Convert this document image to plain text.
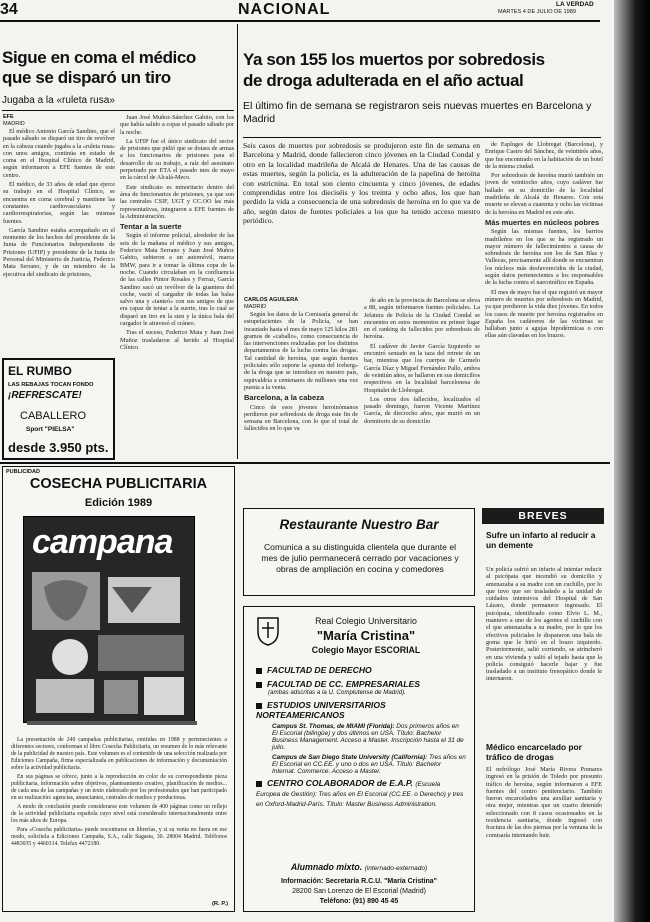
34	NACIONAL	LA VERDAD
MARTES 4 DE JULIO DE 1989
Sigue en coma el médico
que se disparó un tiro
Jugaba a la «ruleta rusa»
EFE
MADRID

El médico Antonio García Sandino, que el pasado sábado se disparó un tiro de revólver en la cabeza cuando jugaba a la «ruleta rusa» con unos amigos, continúa en estado de coma en el Hospital Clínico de Madrid, según informaron a EFE fuentes de este centro.

El médico, de 33 años de edad que ejerce su trabajo en el Hospital Clínico, se encuentra en coma cerebral y mantiene las constantes cardiovasculares y cardiorrespiratorias, según las mismas fuentes.

García Sandino estaba acompañado en el momento de los hechos del presidente de la Junta de Funcionarios Independiente de Prisiones (UFIP) y presidente de la Junta de Personal del Ministerio de Justicia, Federico Mata Serrano, y de un miembro de la ejecutiva del sindicato de prisiones,

Juan José Muñoz-Sánchez Gabito, con los que había salido a copas el pasado sábado por la noche.

La UFIP fue el único sindicato del sector de prisiones que pidió que se dotara de armas a los funcionarios de prisiones para el desarrollo de su trabajo, a raíz del asesinato perpetrado por ETA el pasado mes de mayo en la cárcel de Alcalá-Meco.

Este sindicato es minoritario dentro del área de funcionarios de prisiones, ya que son las centrales CSIF, UGT y CC.OO las más representativas, integraron a EFE fuentes de la Administración.

Tentar a la suerte

Según el informe policial, alrededor de las seis de la mañana el médico y sus amigos, Federico Mata Serrano y Juan José Muñoz Gabito, subieron a un automóvil, marca BMW, para ir a tomar la última copa de la noche. Cuando circulaban en la confluencia de las calles Pintor Rosales y Ferraz, García Sandino sacó un revólver de la guantera del coche, vació el cargador de todas las balas salvo una y «tanteó» con sus amigos de que era capaz de tentar a la suerte, tras lo cual se disparó un tiro en la sien y la única bala del cargador le atravesó el cráneo.

Tras el suceso, Federico Mata y Juan José Muñoz trasladaron al herido al Hospital Clínico.

EL RUMBO
LAS REBAJAS TOCAN FONDO
¡REFRESCATE!
CABALLERO
Sport "PIELSA"
desde 3.950 pts.
Ya son 155 los muertos por sobredosis
de droga adulterada en el año actual
El último fin de semana se registraron seis nuevas muertes en Barcelona y Madrid
Seis casos de muertes por sobredosis se produjeron este fin de semana en Barcelona y Madrid, donde fallecieron cinco jóvenes en la Ciudad Condal y otro en la localidad madrileña de Alcalá de Henares. Una de las causas de estas muertes, según la policía, es la adulteración de la papelina de heroína con estricnina. En total son ciento cincuenta y cinco jóvenes, de edades comprendidas entre los dieciséis y los treinta y ocho años, los que han perdido la vida a consecuencia de una sobredosis de heroína en lo que va de año, según datos de fuentes policiales a los que ha tenido acceso nuestro periódico.
CARLOS AGUILERA
MADRID

Según los datos de la Comisaría general de estupefacientes de la Policía, se han incautado hasta el mes de mayo 125 kilos 281 gramos de «caballo», como consecuencia de las intervenciones realizadas por los distintos departamentos de la lucha contra las drogas. Tal cantidad de heroína, que según fuentes policiales sólo supone la «punta del iceberg» de la droga que se introduce en nuestro país, equivaldría a centenares de millones una vez puesta a la venta.

Barcelona, a la cabeza

Cinco de esos jóvenes heroinómanos perdieron por sobredosis de droga este fin de semana en Barcelona, con lo que el total de fallecidos en lo que va

de año en la provincia de Barcelona se eleva a 88, según informaron fuentes policiales. La Jefatura de Policía de la Ciudad Condal se encuentra en estos momentos en primer lugar en el ranking de fallecidos por sobredosis de heroína.

El cadáver de Javier García Izquierdo se encontró sentado en la taza del retrete de un bar, mientras que los cuerpos de Carmelo García Díaz y Miguel Fernández Pallo, ambos de veintiún años, se hallaron en sus domicilios respectivos en la localidad barcelonesa de Hospitalet de Llobregat.

Los otros dos fallecidos, localizados el pasado domingo, fueron Vicente Martínez García, de dieciocho años, que murió en un dormitorio de su domicilio

de Espluges de Llobregat (Barcelona), y Enrique Castro del Sánchez, de veintitrés años, que fue encontrado en la habitación de un hotel de la misma ciudad.

Por sobredosis de heroína murió también un joven de veintiocho años, cuyo cadáver fue hallado en su domicilio de la localidad madrileña de Alcalá de Henares. Con esta muerte se elevan a cuarenta y ocho las víctimas de la heroína en Madrid en este año.

Más muertes en núcleos pobres

Según las mismas fuentes, los barrios madrileños en los que se ha registrado un mayor número de fallecimientos a causa de sobredosis de heroína son los de San Blas y Vallecas, precisamente allí donde se encuentran los núcleos más desfavorecidos de la ciudad, según datos pertenecientes a los responsables de la lucha contra el narcotráfico en España.

El mes de mayo fue el que registró un mayor número de muertes por sobredosis en Madrid, ya que perdieron la vida diez jóvenes. En todos los casos de muerte por heroína registrados en España los cadáveres de las víctimas se hallaban junto a agujas hipodérmicas o con ellas aún clavadas en los brazos.

PUBLICIDAD
COSECHA PUBLICITARIA
Edición 1989
campana

La presentación de 240 campañas publicitarias, emitidas en 1988 y pertenecientes a diferentes sectores, conforman el libro Cosecha Publicitaria, un resumen de lo más relevante de la publicidad de nuestro país. Este volumen es el contenido de una selección realizada por Ediciones Campaña, firma especializada en publicaciones de información y documentación sobre la actividad publicitaria.

En sus páginas se ofrece, junto a la reproducción en color de su correspondiente pieza publicitaria, información sobre objetivos, planteamiento creativo, planificación de medios... de cada una de las campañas y un texto elaborado por los profesionales que han participado en su realización: agencias, anunciantes, centrales de medios y productoras.

A modo de conclusión puede considerarse este volumen de 400 páginas como un reflejo de la actividad publicitaria española cuyo nivel está considerado internacionalmente entre los más altos de Europa.

Para «Cosecha publicitaria» puede encontrarse en librerías, y si su venta no fuera en ese modo, solicítela a Ediciones Campaña, S.A., calle Sagasta, 30. 28004 Madrid. Teléfonos 4483035 y 4460314. Telefax 4472180.

(R. P.)
Restaurante Nuestro Bar
Comunica a su distinguida clientela que durante el mes de julio permanecerá cerrado por vacaciones y obras de ampliación en cocina y comedores
Real Colegio Universitario
"María Cristina"
Colegio Mayor ESCORIAL
FACULTAD DE DERECHO
FACULTAD DE CC. EMPRESARIALES
(ambas adscritas a la U. Complutense de Madrid).
ESTUDIOS UNIVERSITARIOS NORTEAMERICANOS
Campus St. Thomas, de MIAMI (Florida): Dos primeros años en El Escorial (bilingüe) y dos últimos en USA. Título: Bachelor Business Management. Acceso a Master. Inscripción hasta el 31 de julio.
Campus de San Diego State University (California): Tres años en El Escorial en CC.EE. y uno o dos en USA. Título: Bachelor Internat. Commerce. Acceso a Master.
CENTRO COLABORADOR de E.A.P. (Escuela Europea de Gestión): Tres años en El Escorial (CC.EE. o Derecho) y tres en Oxford-Madrid-París. Título: Master Business Administration.
Alumnado mixto. (internado-externado)
Información: Secretaría R.C.U. "María Cristina"
28200 San Lorenzo de El Escorial (Madrid)
Teléfono: (91) 890 45 45
BREVES
Sufre un infarto al reducir a un demente
Un policía sufrió un infarto al intentar reducir al psicópata que incendió su domicilio y amenazaba a su madre con un cuchillo, por lo que tuvo que ser trasladado a la unidad de cuidados intensivos del Hospital de San Lázaro, donde permanece ingresado. El psicópata, identificado como Elvio L. M., mantuvo a uno de los agentes el cuchillo con el que amenazaba a su madre, por lo que los efectivos policiales le dispararon una bala de goma que le hirió en el brazo izquierdo. Posteriormente, salió corriendo, se atrincheró en una vivienda y salió al tejado hasta que la policía consiguió hacerle bajar y fue trasladado a un instituto frenopático donde le internaron.
Médico encarcelado por tráfico de drogas
El nefrólogo José María Rivera Pomares ingresó en la prisión de Toledo por presunto tráfico de heroína, según informaron a EFE fuentes del centro penitenciario. También fueron encarcelados una auxiliar sanitaria y otra mujer, mientras que un cuarto detenido seleccionado con 8 casos ocasionados en la residencia sanitaria, donde ingresó con fractura de las dos piernas por la ventana de la comisaría intentando huir.
